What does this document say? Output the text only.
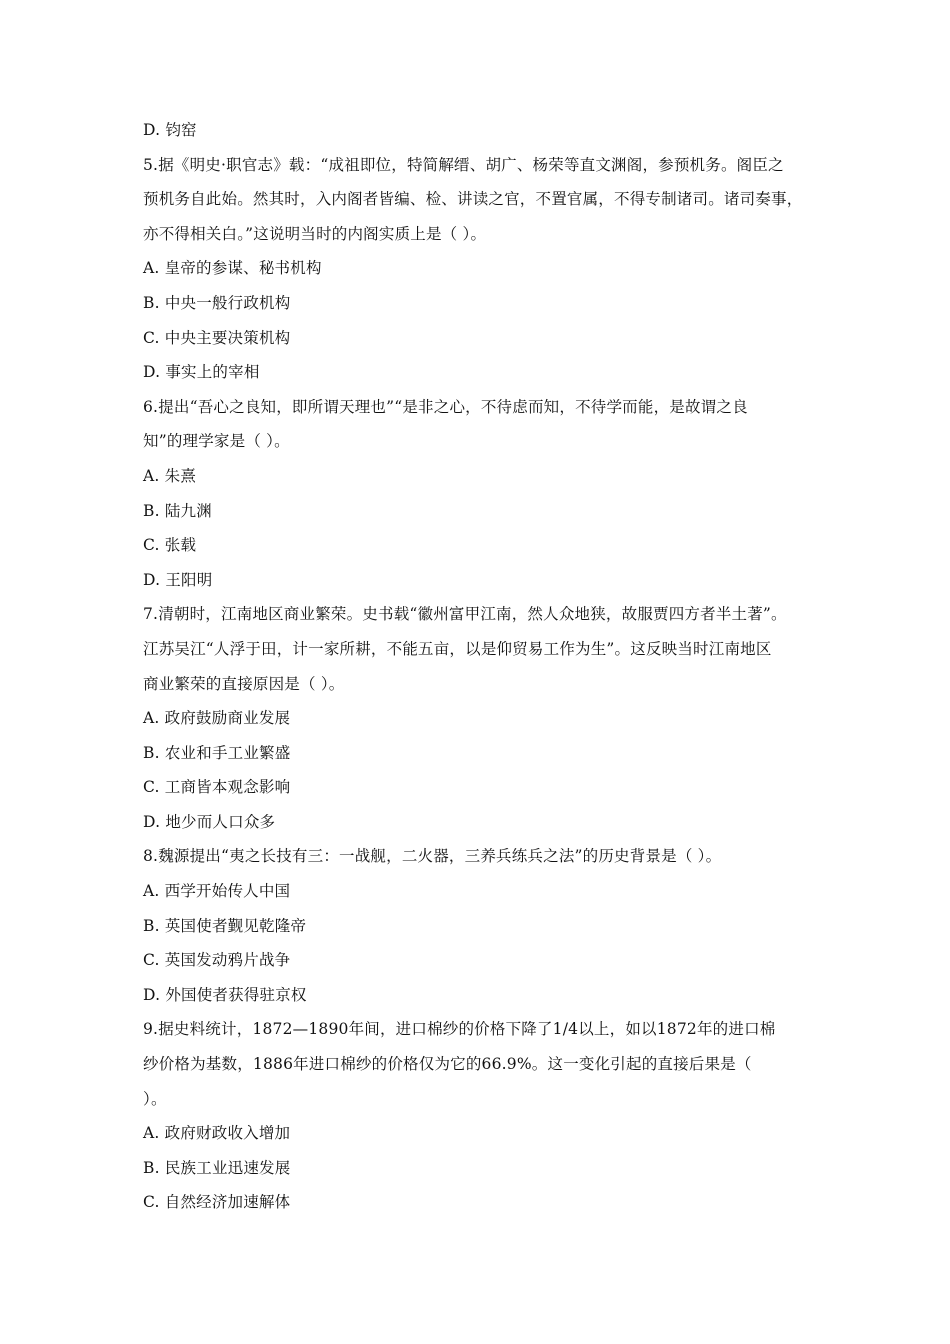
D. 钧窑
5.据《明史·职官志》载：“成祖即位，特简解缙、胡广、杨荣等直文渊阁，参预机务。阁臣之
预机务自此始。然其时，入内阁者皆编、检、讲读之官，不置官属，不得专制诸司。诸司奏事，
亦不得相关白。”这说明当时的内阁实质上是（ ）。
A. 皇帝的参谋、秘书机构
B. 中央一般行政机构
C. 中央主要决策机构
D. 事实上的宰相
6.提出“吾心之良知，即所谓天理也”“是非之心，不待虑而知，不待学而能，是故谓之良
知”的理学家是（ ）。
A. 朱熹
B. 陆九渊
C. 张载
D. 王阳明
7.清朝时，江南地区商业繁荣。史书载“徽州富甲江南，然人众地狭，故服贾四方者半土著”。
江苏吴江“人浮于田，计一家所耕，不能五亩，以是仰贸易工作为生”。这反映当时江南地区
商业繁荣的直接原因是（ ）。
A. 政府鼓励商业发展
B. 农业和手工业繁盛
C. 工商皆本观念影响
D. 地少而人口众多
8.魏源提出“夷之长技有三：一战舰，二火器，三养兵练兵之法”的历史背景是（ ）。
A. 西学开始传人中国
B. 英国使者觐见乾隆帝
C. 英国发动鸦片战争
D. 外国使者获得驻京权
9.据史料统计，1872—1890年间，进口棉纱的价格下降了1/4以上，如以1872年的进口棉
纱价格为基数，1886年进口棉纱的价格仅为它的66.9%。这一变化引起的直接后果是（
）。
A. 政府财政收入增加
B. 民族工业迅速发展
C. 自然经济加速解体
